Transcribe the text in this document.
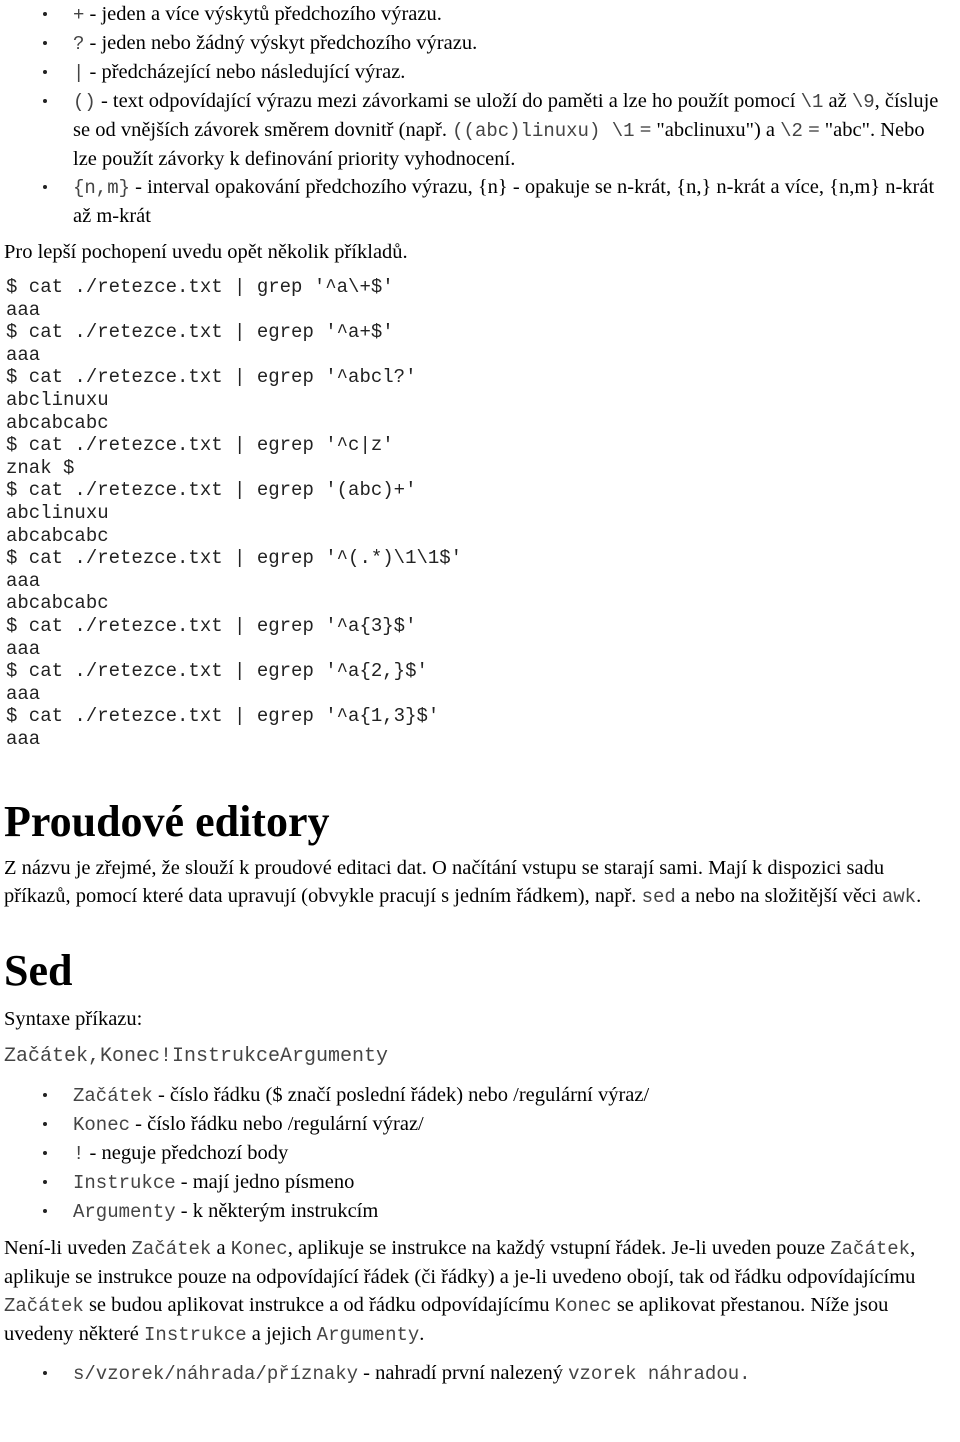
+ - jeden a více výskytů předchozího výrazu.
? - jeden nebo žádný výskyt předchozího výrazu.
| - předcházející nebo následující výraz.
() - text odpovídající výrazu mezi závorkami se uloží do paměti a lze ho použít pomocí \1 až \9, čísluje se od vnějších závorek směrem dovnitř (např. ((abc)linuxu) \1 = "abclinuxu") a \2 = "abc". Nebo lze použít závorky k definování priority vyhodnocení.
{n,m} - interval opakování předchozího výrazu, {n} - opakuje se n-krát, {n,} n-krát a více, {n,m} n-krát až m-krát

Pro lepší pochopení uvedu opět několik příkladů.

$ cat ./retezce.txt | grep '^a\+$'
aaa
$ cat ./retezce.txt | egrep '^a+$'
aaa
$ cat ./retezce.txt | egrep '^abcl?'
abclinuxu
abcabcabc
$ cat ./retezce.txt | egrep '^c|z'
znak $
$ cat ./retezce.txt | egrep '(abc)+'
abclinuxu
abcabcabc
$ cat ./retezce.txt | egrep '^(.*)\1\1$'
aaa
abcabcabc
$ cat ./retezce.txt | egrep '^a{3}$'
aaa
$ cat ./retezce.txt | egrep '^a{2,}$'
aaa
$ cat ./retezce.txt | egrep '^a{1,3}$'
aaa
Proudové editory

Z názvu je zřejmé, že slouží k proudové editaci dat. O načítání vstupu se starají sami. Mají k dispozici sadu příkazů, pomocí které data upravují (obvykle pracují s jedním řádkem), např. sed a nebo na složitější věci awk.

Sed

Syntaxe příkazu:

Začátek,Konec!InstrukceArgumenty

Začátek - číslo řádku ($ značí poslední řádek) nebo /regulární výraz/
Konec - číslo řádku nebo /regulární výraz/
! - neguje předchozí body
Instrukce - mají jedno písmeno
Argumenty - k některým instrukcím

Není-li uveden Začátek a Konec, aplikuje se instrukce na každý vstupní řádek. Je-li uveden pouze Začátek, aplikuje se instrukce pouze na odpovídající řádek (či řádky) a je-li uvedeno obojí, tak od řádku odpovídajícímu Začátek se budou aplikovat instrukce a od řádku odpovídajícímu Konec se aplikovat přestanou. Níže jsou uvedeny některé Instrukce a jejich Argumenty.

s/vzorek/náhrada/příznaky - nahradí první nalezený vzorek náhradou.
